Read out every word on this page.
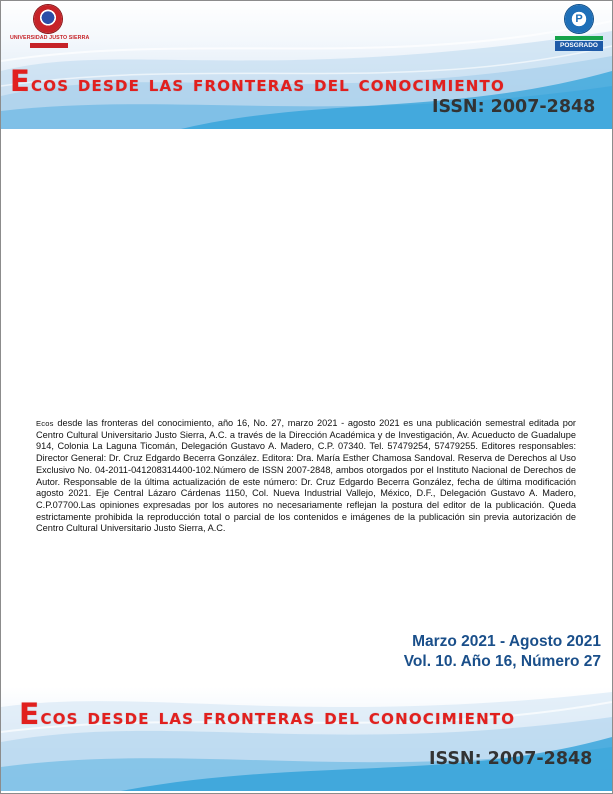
UNIVERSIDAD JUSTO SIERRA
P
POSGRADO
Ecos desde las fronteras del conocimiento

ISSN: 2007-2848

Ecos desde las fronteras del conocimiento, año 16, No. 27, marzo 2021 - agosto 2021 es una publicación semestral editada por Centro Cultural Universitario Justo Sierra, A.C. a través de la Dirección Académica y de Investigación, Av. Acueducto de Guadalupe 914, Colonia La Laguna Ticomán, Delegación Gustavo A. Madero, C.P. 07340. Tel. 57479254, 57479255. Editores responsables: Director General: Dr. Cruz Edgardo Becerra González. Editora: Dra. María Esther Chamosa Sandoval. Reserva de Derechos al Uso Exclusivo No. 04-2011-041208314400-102.Número de ISSN 2007-2848, ambos otorgados por el Instituto Nacional de Derechos de Autor. Responsable de la última actualización de este número: Dr. Cruz Edgardo Becerra González, fecha de última modificación agosto 2021. Eje Central Lázaro Cárdenas 1150, Col. Nueva Industrial Vallejo, México, D.F., Delegación Gustavo A. Madero, C.P.07700.Las opiniones expresadas por los autores no necesariamente reflejan la postura del editor de la publicación. Queda estrictamente prohibida la reproducción total o parcial de los contenidos e imágenes de la publicación sin previa autorización de Centro Cultural Universitario Justo Sierra, A.C.

Marzo 2021 - Agosto 2021

Vol. 10. Año 16, Número 27

Ecos desde las fronteras del conocimiento

ISSN: 2007-2848
